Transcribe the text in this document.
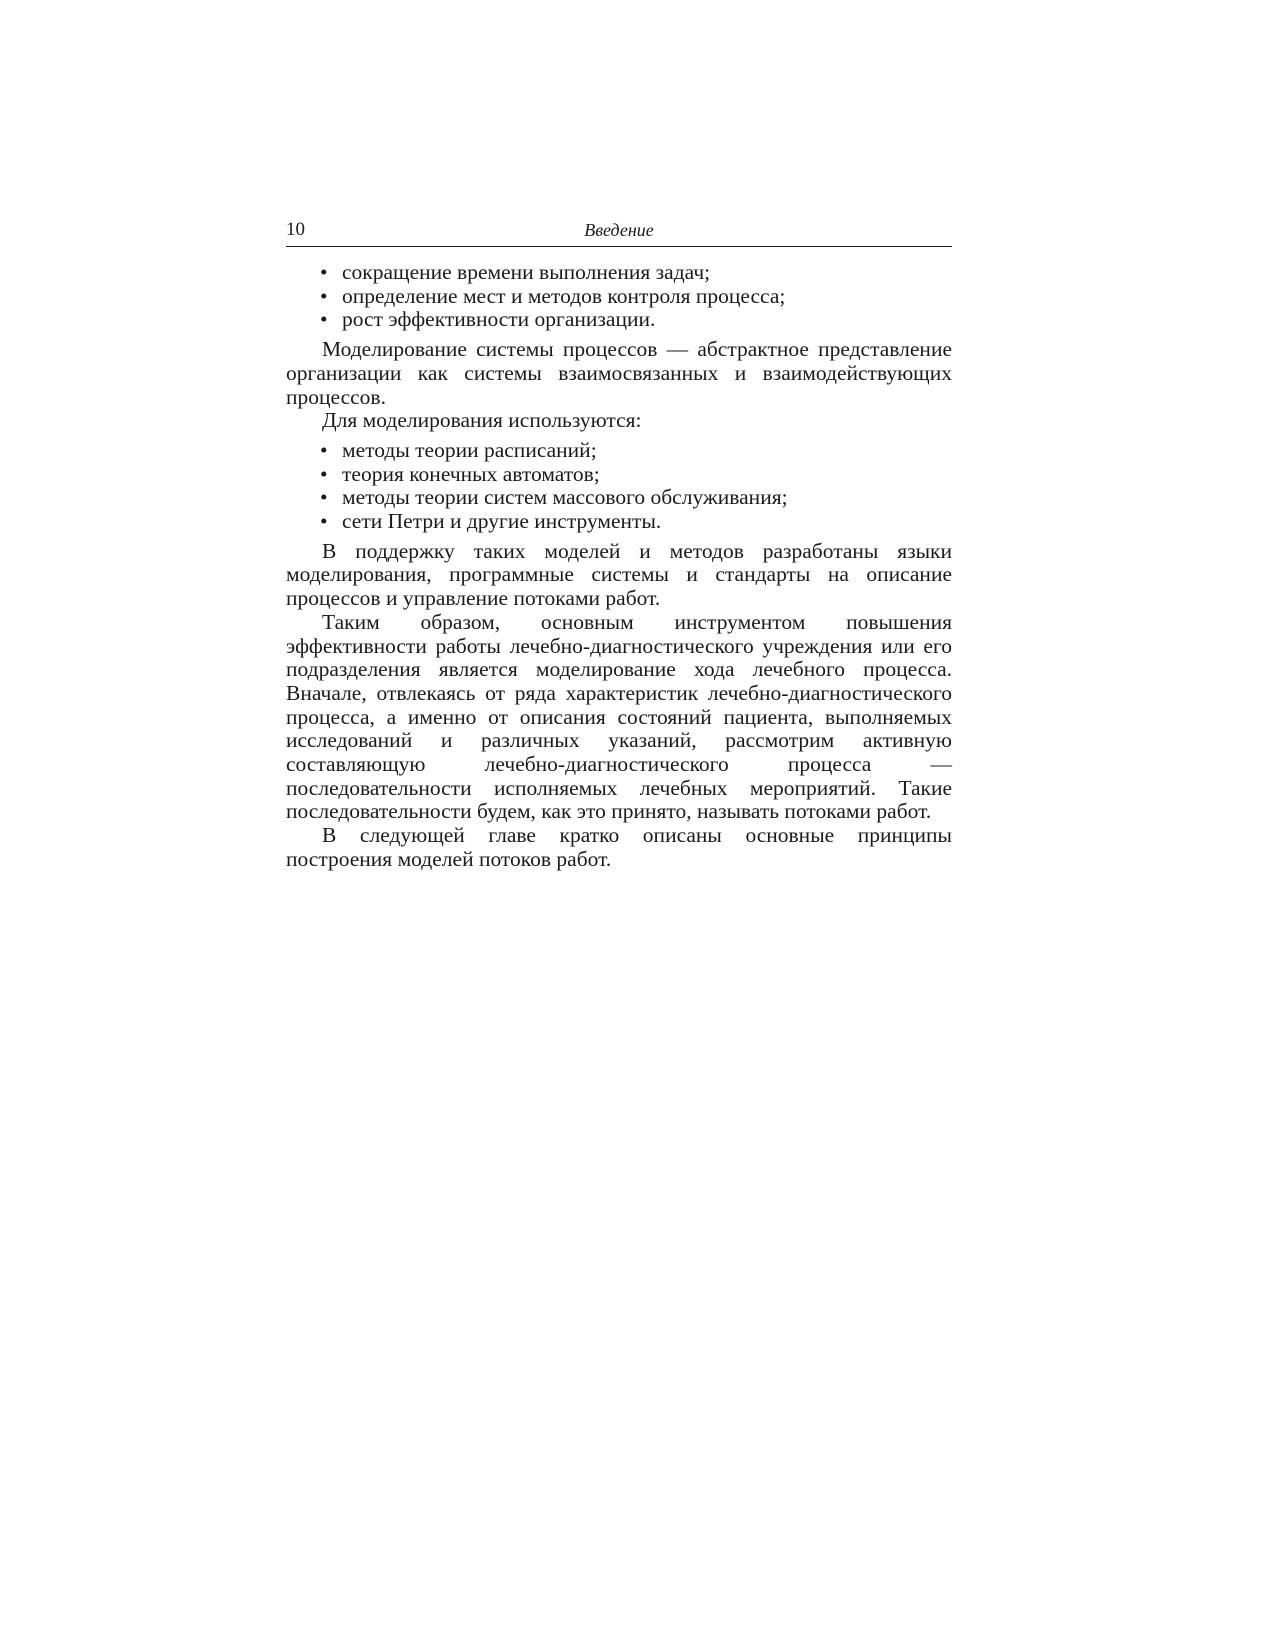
10	Введение
• сокращение времени выполнения задач;
• определение мест и методов контроля процесса;
• рост эффективности организации.

Моделирование системы процессов — абстрактное представление организации как системы взаимосвязанных и взаимодействующих процессов.

Для моделирования используются:

• методы теории расписаний;
• теория конечных автоматов;
• методы теории систем массового обслуживания;
• сети Петри и другие инструменты.

В поддержку таких моделей и методов разработаны языки моделирования, программные системы и стандарты на описание процессов и управление потоками работ.

Таким образом, основным инструментом повышения эффективности работы лечебно-диагностического учреждения или его подразделения является моделирование хода лечебного процесса. Вначале, отвлекаясь от ряда характеристик лечебно-диагностического процесса, а именно от описания состояний пациента, выполняемых исследований и различных указаний, рассмотрим активную составляющую лечебно-диагностического процесса — последовательности исполняемых лечебных мероприятий. Такие последовательности будем, как это принято, называть потоками работ.

В следующей главе кратко описаны основные принципы построения моделей потоков работ.
